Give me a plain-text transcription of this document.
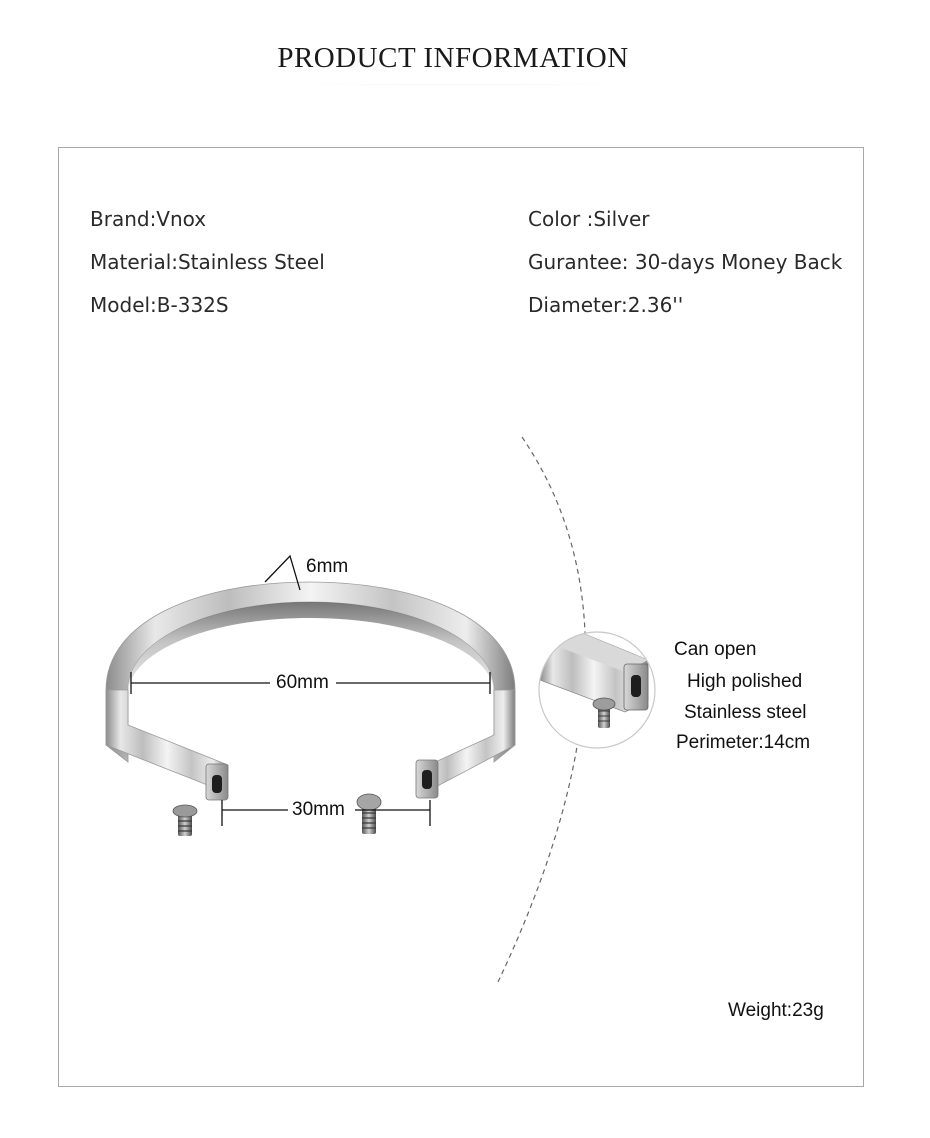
PRODUCT INFORMATION
Brand:Vnox
Material:Stainless Steel
Model:B-332S
Color :Silver
Gurantee: 30-days Money Back
Diameter:2.36''
6mm
60mm
30mm
Can open
High polished
Stainless steel
Perimeter:14cm
Weight:23g
